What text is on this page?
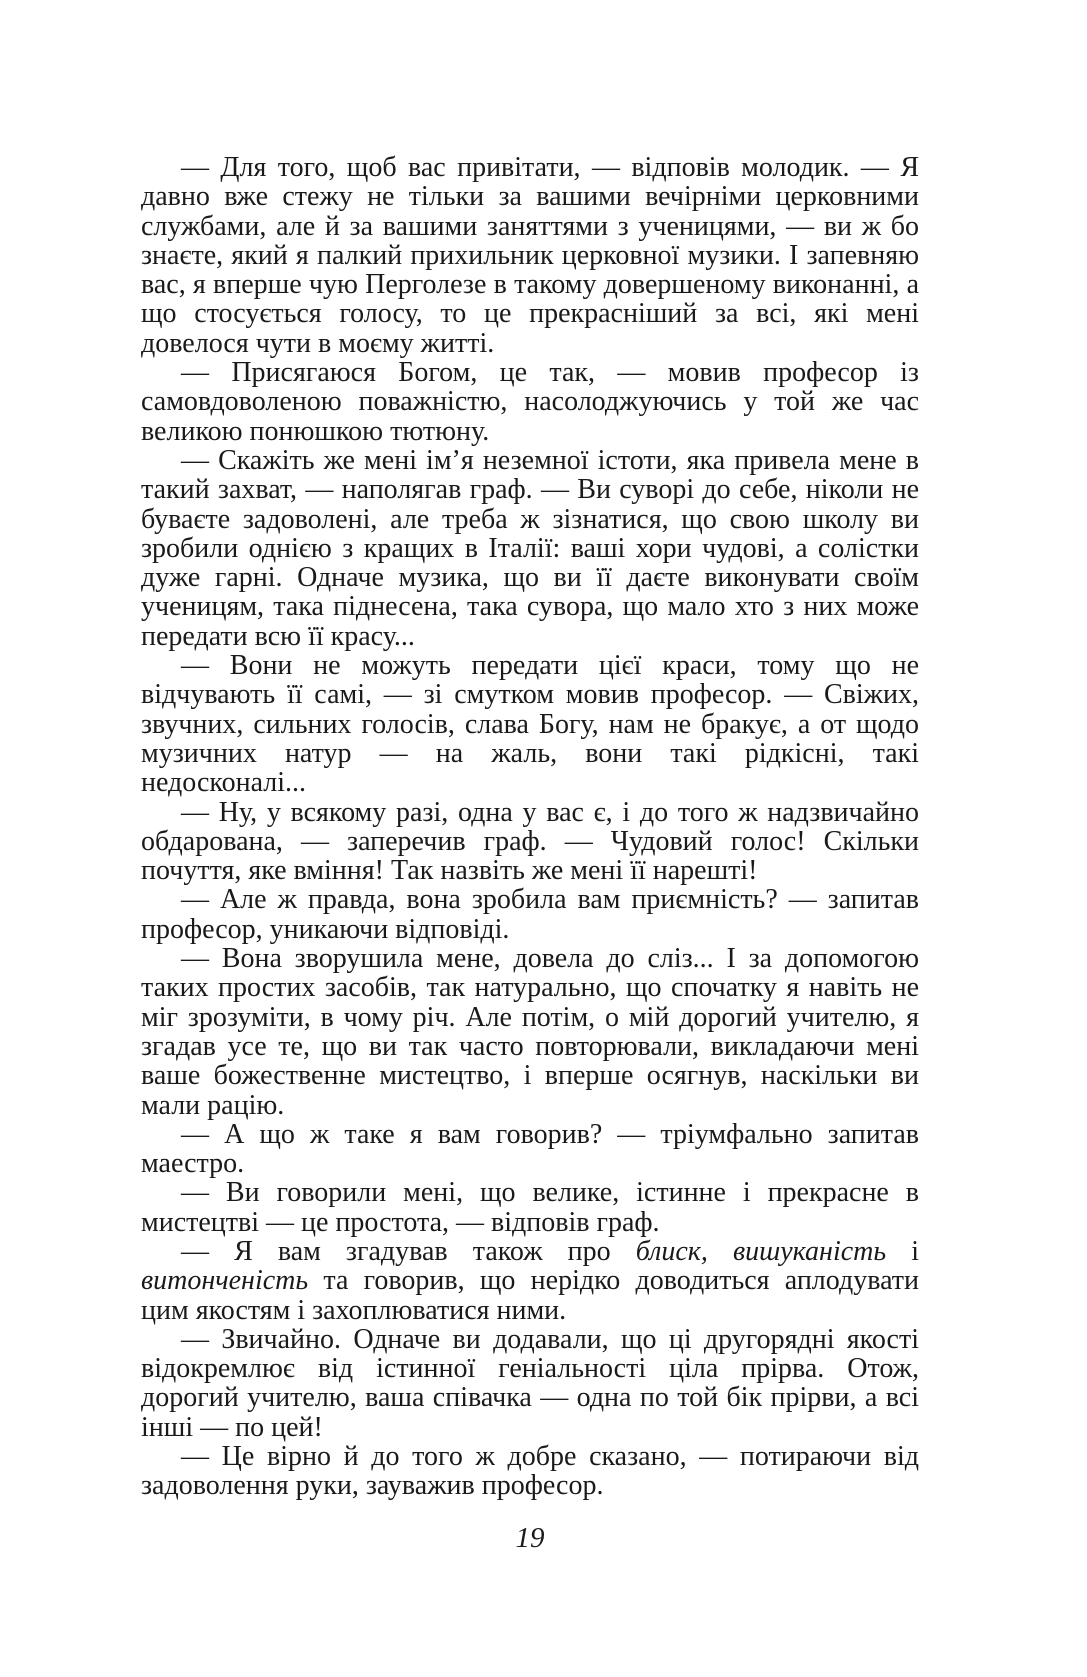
— Для того, щоб вас привітати, — відповів молодик. — Я давно вже стежу не тільки за вашими вечірніми церковними службами, але й за вашими заняттями з ученицями, — ви ж бо знаєте, який я палкий прихильник церковної музики. І запевняю вас, я вперше чую Перголезе в такому довершеному виконанні, а що стосується голосу, то це прекрасніший за всі, які мені довелося чути в моєму житті.

— Присягаюся Богом, це так, — мовив професор із самовдоволеною поважністю, насолоджуючись у той же час великою понюшкою тютюну.

— Скажіть же мені ім’я неземної істоти, яка привела мене в такий захват, — наполягав граф. — Ви суворі до себе, ніколи не буваєте задоволені, але треба ж зізнатися, що свою школу ви зробили однією з кращих в Італії: ваші хори чудові, а солістки дуже гарні. Одначе музика, що ви її даєте виконувати своїм ученицям, така піднесена, така сувора, що мало хто з них може передати всю її красу...

— Вони не можуть передати цієї краси, тому що не відчувають її самі, — зі смутком мовив професор. — Свіжих, звучних, сильних голосів, слава Богу, нам не бракує, а от щодо музичних натур — на жаль, вони такі рідкісні, такі недосконалі...

— Ну, у всякому разі, одна у вас є, і до того ж надзвичайно обдарована, — заперечив граф. — Чудовий голос! Скільки почуття, яке вміння! Так назвіть же мені її нарешті!

— Але ж правда, вона зробила вам приємність? — запитав професор, уникаючи відповіді.

— Вона зворушила мене, довела до сліз... І за допомогою таких простих засобів, так натурально, що спочатку я навіть не міг зрозуміти, в чому річ. Але потім, о мій дорогий учителю, я згадав усе те, що ви так часто повторювали, викладаючи мені ваше божественне мистецтво, і вперше осягнув, наскільки ви мали рацію.

— А що ж таке я вам говорив? — тріумфально запитав маестро.

— Ви говорили мені, що велике, істинне і прекрасне в мистецтві — це простота, — відповів граф.

— Я вам згадував також про блиск, вишуканість і витонченість та говорив, що нерідко доводиться аплодувати цим якостям і захоплюватися ними.

— Звичайно. Одначе ви додавали, що ці другорядні якості відокремлює від істинної геніальності ціла прірва. Отож, дорогий учителю, ваша співачка — одна по той бік прірви, а всі інші — по цей!

— Це вірно й до того ж добре сказано, — потираючи від задоволення руки, зауважив професор.

19
